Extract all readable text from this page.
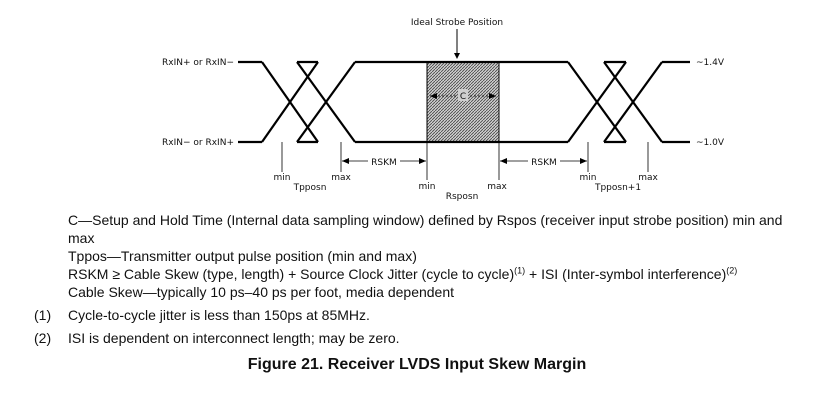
Ideal Strobe Position
RxIN+ or RxIN−
RxIN− or RxIN+
~1.4V
~1.0V
C
RSKM	RSKM
min	max
Tpposn	min	max
Rsposn
min	max
Tpposn+1
C—Setup and Hold Time (Internal data sampling window) defined by Rspos (receiver input strobe position) min and
max
Tppos—Transmitter output pulse position (min and max)
RSKM ≥ Cable Skew (type, length) + Source Clock Jitter (cycle to cycle)$^{(1)}$ + ISI (Inter-symbol interference)$^{(2)}$
Cable Skew—typically 10 ps–40 ps per foot, media dependent
(1) Cycle-to-cycle jitter is less than 150ps at 85MHz.
(2) ISI is dependent on interconnect length; may be zero.
Figure 21. Receiver LVDS Input Skew Margin
